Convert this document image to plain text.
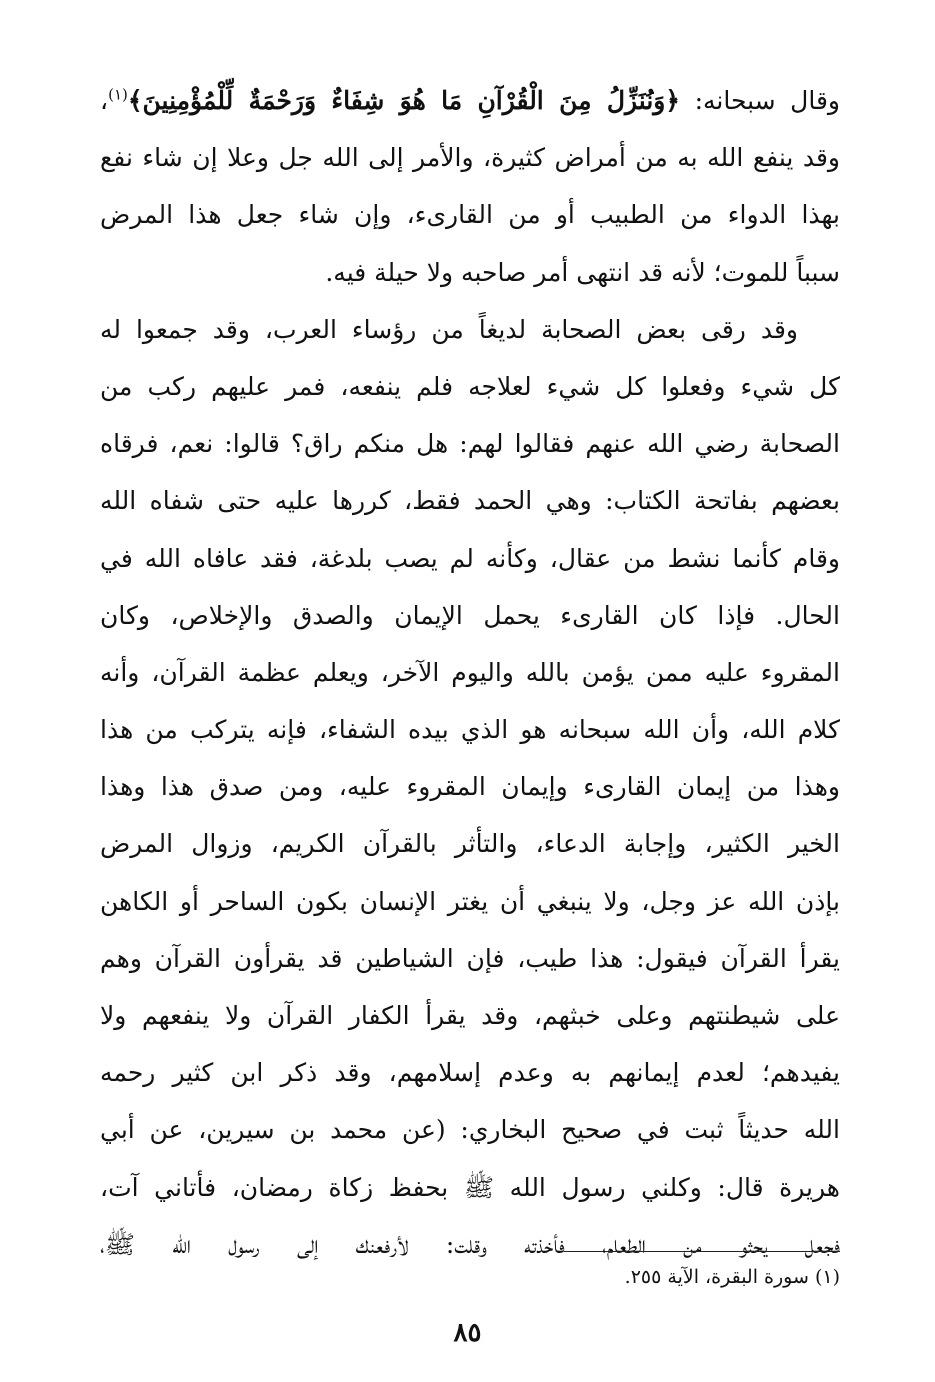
وقال سبحانه: ﴿وَنُنَزِّلُ مِنَ الْقُرْآنِ مَا هُوَ شِفَاءٌ وَرَحْمَةٌ لِّلْمُؤْمِنِينَ﴾$^{(١)}$،
وقد ينفع الله به من أمراض كثيرة، والأمر إلى الله جل وعلا إن شاء نفع
بهذا الدواء من الطبيب أو من القارىء، وإن شاء جعل هذا المرض
سبباً للموت؛ لأنه قد انتهى أمر صاحبه ولا حيلة فيه.
وقد رقى بعض الصحابة لديغاً من رؤساء العرب، وقد جمعوا له
كل شيء وفعلوا كل شيء لعلاجه فلم ينفعه، فمر عليهم ركب من
الصحابة رضي الله عنهم فقالوا لهم: هل منكم راق؟ قالوا: نعم، فرقاه
بعضهم بفاتحة الكتاب: وهي الحمد فقط، كررها عليه حتى شفاه الله
وقام كأنما نشط من عقال، وكأنه لم يصب بلدغة، فقد عافاه الله في
الحال. فإذا كان القارىء يحمل الإيمان والصدق والإخلاص، وكان
المقروء عليه ممن يؤمن بالله واليوم الآخر، ويعلم عظمة القرآن، وأنه
كلام الله، وأن الله سبحانه هو الذي بيده الشفاء، فإنه يتركب من هذا
وهذا من إيمان القارىء وإيمان المقروء عليه، ومن صدق هذا وهذا
الخير الكثير، وإجابة الدعاء، والتأثر بالقرآن الكريم، وزوال المرض
بإذن الله عز وجل، ولا ينبغي أن يغتر الإنسان بكون الساحر أو الكاهن
يقرأ القرآن فيقول: هذا طيب، فإن الشياطين قد يقرأون القرآن وهم
على شيطنتهم وعلى خبثهم، وقد يقرأ الكفار القرآن ولا ينفعهم ولا
يفيدهم؛ لعدم إيمانهم به وعدم إسلامهم، وقد ذكر ابن كثير رحمه
الله حديثاً ثبت في صحيح البخاري: (عن محمد بن سيرين، عن أبي
هريرة قال: وكلني رسول الله ﷺ بحفظ زكاة رمضان، فأتاني آت،
فجعل يحثو من الطعام، فأخذته وقلت: لأرفعنك إلى رسول الله ﷺ،
(١) سورة البقرة، الآية ٢٥٥.
٨٥
